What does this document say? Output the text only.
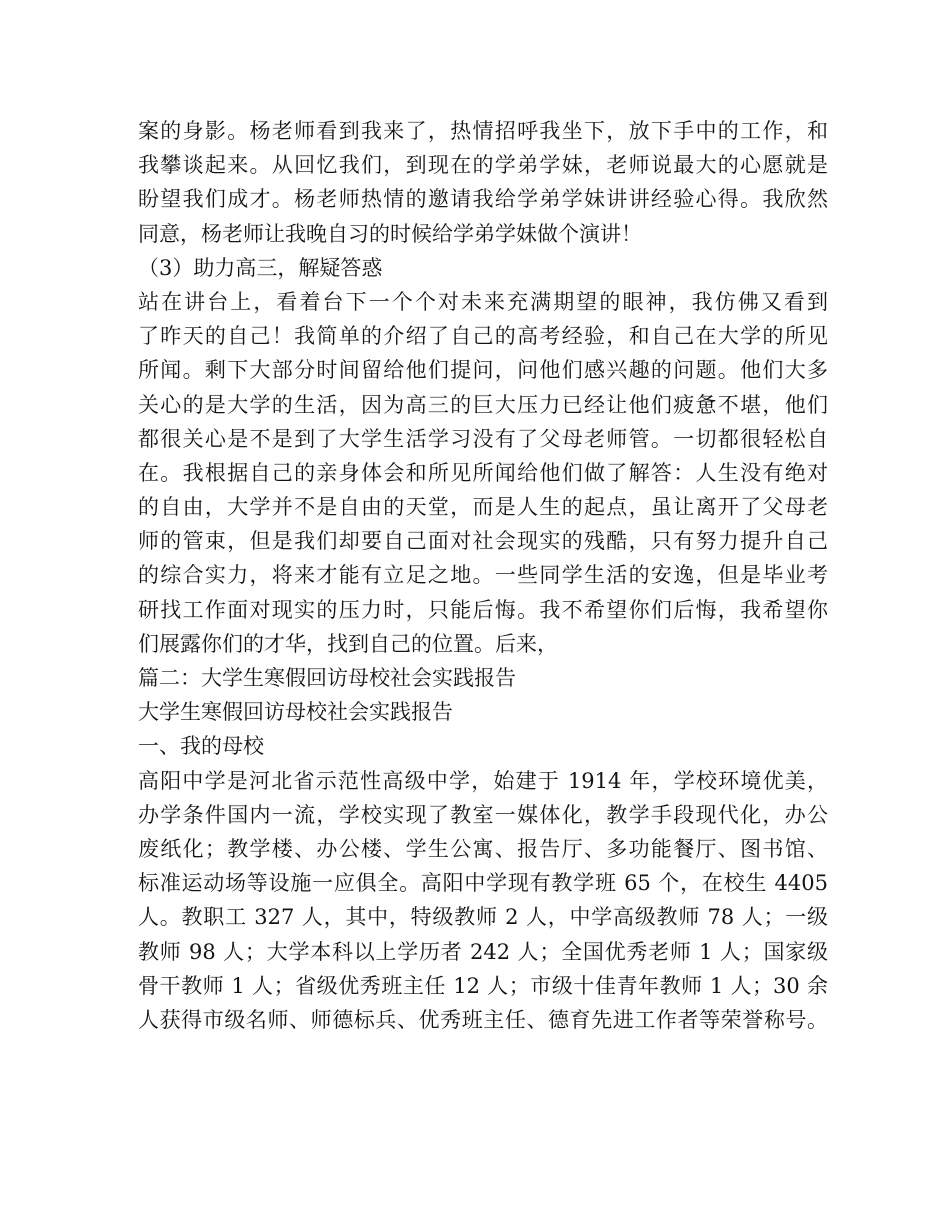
案的身影。杨老师看到我来了，热情招呼我坐下，放下手中的工作，和
我攀谈起来。从回忆我们，到现在的学弟学妹，老师说最大的心愿就是
盼望我们成才。杨老师热情的邀请我给学弟学妹讲讲经验心得。我欣然
同意，杨老师让我晚自习的时候给学弟学妹做个演讲！
（3）助力高三，解疑答惑
站在讲台上，看着台下一个个对未来充满期望的眼神，我仿佛又看到
了昨天的自己！我简单的介绍了自己的高考经验，和自己在大学的所见
所闻。剩下大部分时间留给他们提问，问他们感兴趣的问题。他们大多
关心的是大学的生活，因为高三的巨大压力已经让他们疲惫不堪，他们
都很关心是不是到了大学生活学习没有了父母老师管。一切都很轻松自
在。我根据自己的亲身体会和所见所闻给他们做了解答：人生没有绝对
的自由，大学并不是自由的天堂，而是人生的起点，虽让离开了父母老
师的管束，但是我们却要自己面对社会现实的残酷，只有努力提升自己
的综合实力，将来才能有立足之地。一些同学生活的安逸，但是毕业考
研找工作面对现实的压力时，只能后悔。我不希望你们后悔，我希望你
们展露你们的才华，找到自己的位置。后来，
篇二：大学生寒假回访母校社会实践报告
大学生寒假回访母校社会实践报告
一、我的母校
高阳中学是河北省示范性高级中学，始建于 1914 年，学校环境优美，
办学条件国内一流，学校实现了教室一媒体化，教学手段现代化，办公
废纸化；教学楼、办公楼、学生公寓、报告厅、多功能餐厅、图书馆、
标准运动场等设施一应俱全。高阳中学现有教学班 65 个，在校生 4405
人。教职工 327 人，其中，特级教师 2 人，中学高级教师 78 人；一级
教师 98 人；大学本科以上学历者 242 人；全国优秀老师 1 人；国家级
骨干教师 1 人；省级优秀班主任 12 人；市级十佳青年教师 1 人；30 余
人获得市级名师、师德标兵、优秀班主任、德育先进工作者等荣誉称号。
